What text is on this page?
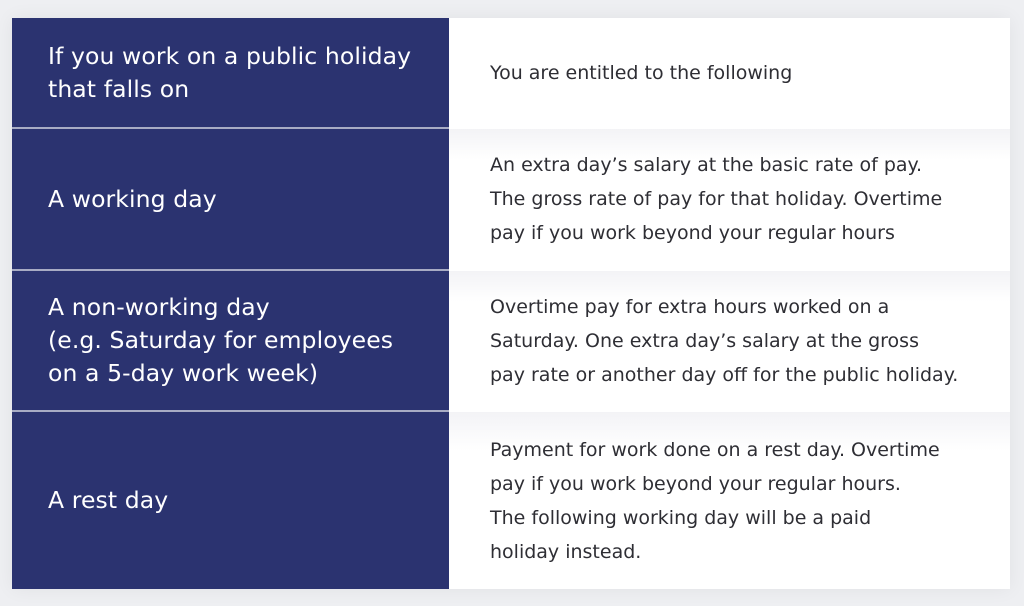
If you work on a public holiday
that falls on
You are entitled to the following
A working day
An extra day’s salary at the basic rate of pay.
The gross rate of pay for that holiday. Overtime
pay if you work beyond your regular hours
A non-working day
(e.g. Saturday for employees
on a 5-day work week)
Overtime pay for extra hours worked on a
Saturday. One extra day’s salary at the gross
pay rate or another day off for the public holiday.
A rest day
Payment for work done on a rest day. Overtime
pay if you work beyond your regular hours.
The following working day will be a paid
holiday instead.
